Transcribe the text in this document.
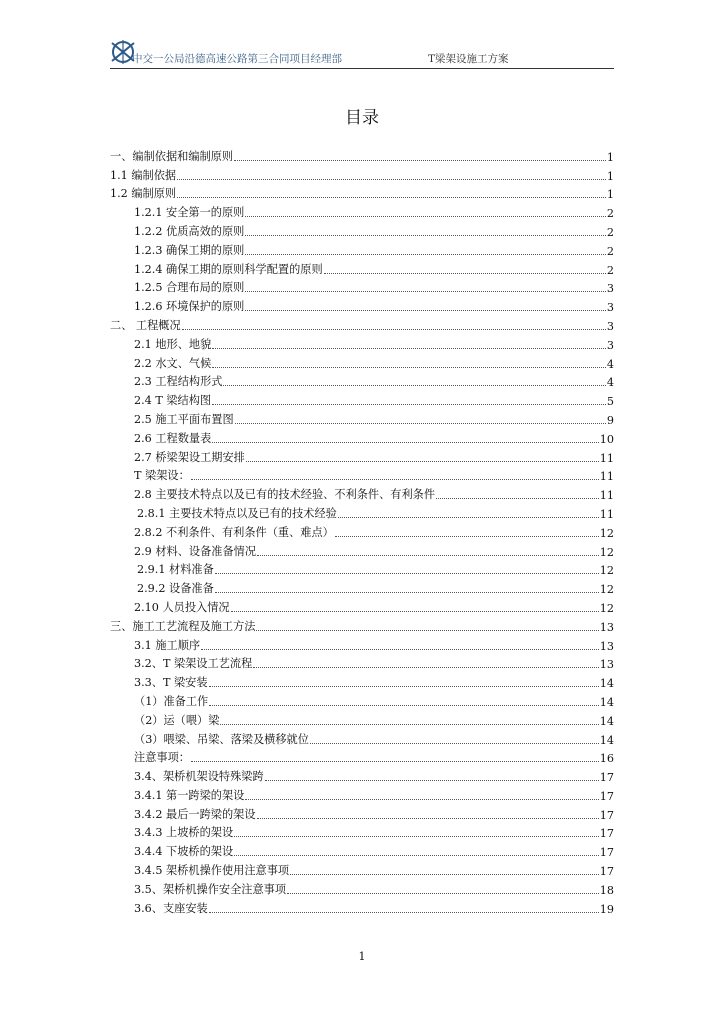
中交一公局沿德高速公路第三合同项目经理部	T梁架设施工方案
目录
一、编制依据和编制原则	1
1.1 编制依据	1
1.2 编制原则	1
1.2.1 安全第一的原则	2
1.2.2 优质高效的原则	2
1.2.3 确保工期的原则	2
1.2.4 确保工期的原则科学配置的原则	2
1.2.5 合理布局的原则	3
1.2.6 环境保护的原则	3
二、 工程概况	3
2.1 地形、地貌	3
2.2 水文、气候	4
2.3 工程结构形式	4
2.4 T 梁结构图	5
2.5 施工平面布置图	9
2.6 工程数量表	10
2.7 桥梁架设工期安排	11
T 梁架设：	11
2.8 主要技术特点以及已有的技术经验、不利条件、有利条件	11
2.8.1 主要技术特点以及已有的技术经验	11
2.8.2 不利条件、有利条件（重、难点）	12
2.9 材料、设备准备情况	12
2.9.1 材料准备	12
2.9.2 设备准备	12
2.10 人员投入情况	12
三、施工工艺流程及施工方法	13
3.1 施工顺序	13
3.2、T 梁架设工艺流程	13
3.3、T 梁安装	14
（1）准备工作	14
（2）运（喂）梁	14
（3）喂梁、吊梁、落梁及横移就位	14
注意事项：	16
3.4、架桥机架设特殊梁跨	17
3.4.1 第一跨梁的架设	17
3.4.2 最后一跨梁的架设	17
3.4.3 上坡桥的架设	17
3.4.4 下坡桥的架设	17
3.4.5 架桥机操作使用注意事项	17
3.5、架桥机操作安全注意事项	18
3.6、支座安装	19
1
